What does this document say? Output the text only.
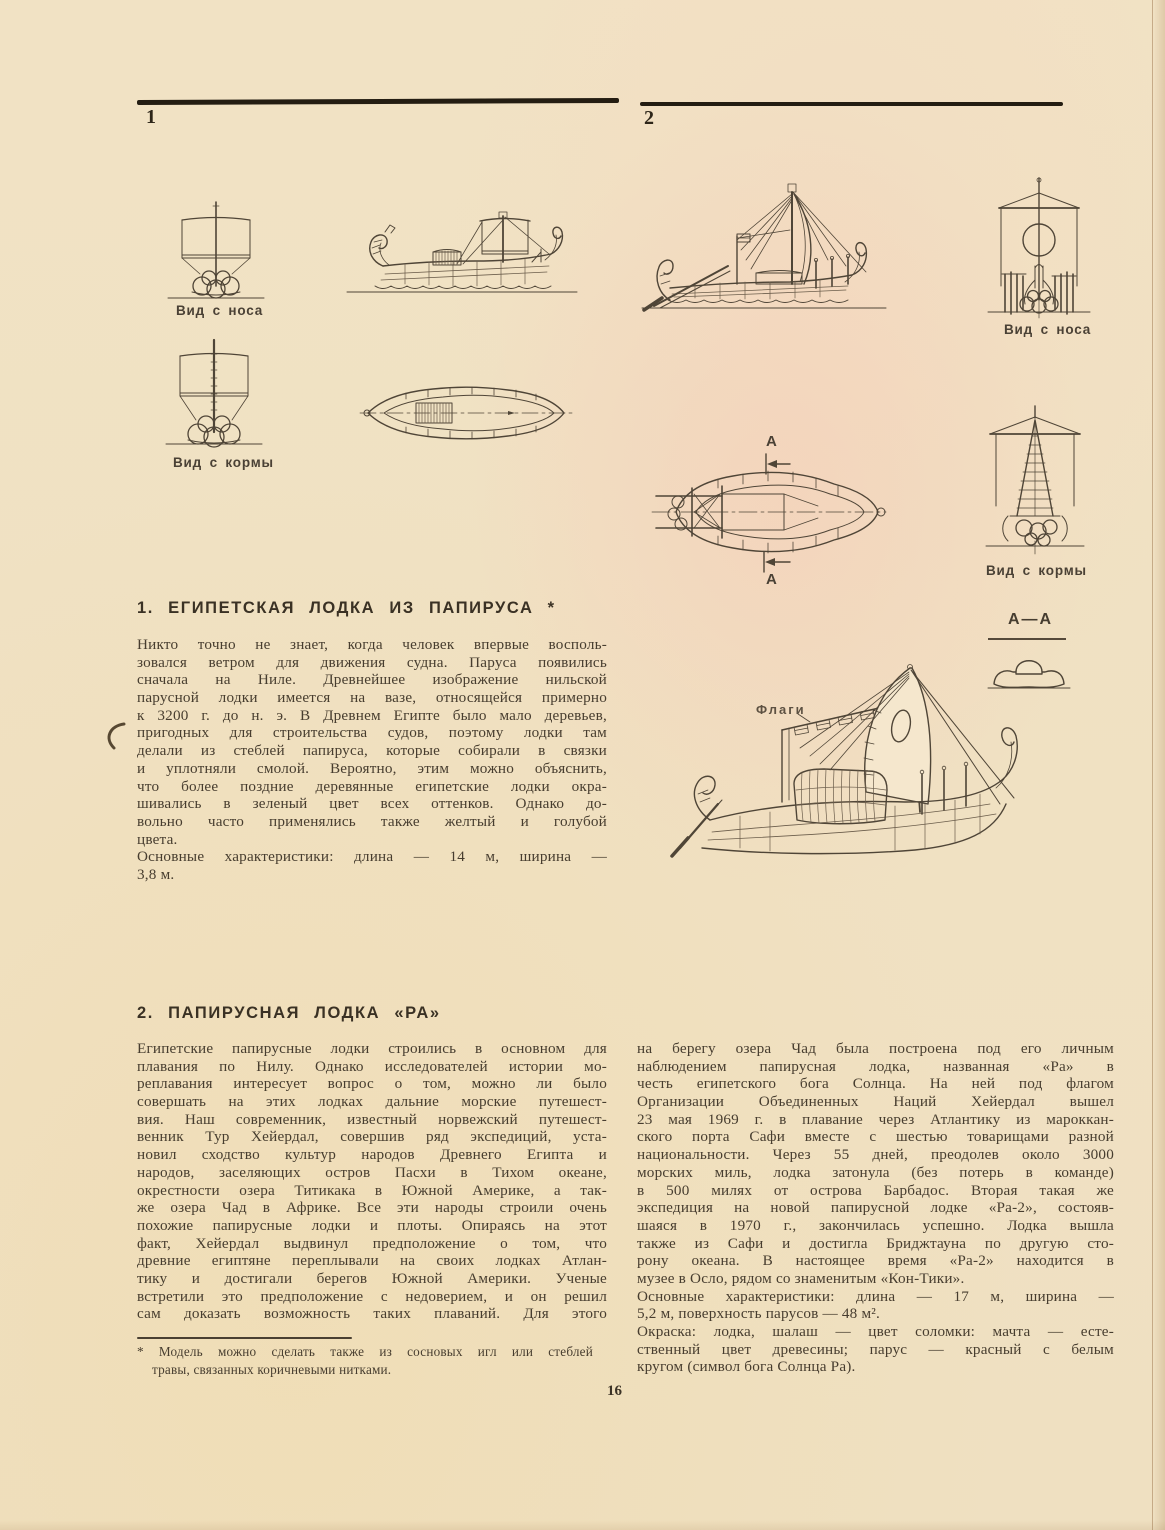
1	2
Вид с носа
Вид с кормы
Вид с носа
А
А
Вид с кормы
А—А
Флаги
1. ЕГИПЕТСКАЯ ЛОДКА ИЗ ПАПИРУСА *
Никто точно не знает, когда человек впервые восполь-
зовался ветром для движения судна. Паруса появились
сначала на Ниле. Древнейшее изображение нильской
парусной лодки имеется на вазе, относящейся примерно
к 3200 г. до н. э. В Древнем Египте было мало деревьев,
пригодных для строительства судов, поэтому лодки там
делали из стеблей папируса, которые собирали в связки
и уплотняли смолой. Вероятно, этим можно объяснить,
что более поздние деревянные египетские лодки окра-
шивались в зеленый цвет всех оттенков. Однако до-
вольно часто применялись также желтый и голубой
цвета.
Основные характеристики: длина — 14 м, ширина —
3,8 м.
2. ПАПИРУСНАЯ ЛОДКА «РА»
Египетские папирусные лодки строились в основном для
плавания по Нилу. Однако исследователей истории мо-
реплавания интересует вопрос о том, можно ли было
совершать на этих лодках дальние морские путешест-
вия. Наш современник, известный норвежский путешест-
венник Тур Хейердал, совершив ряд экспедиций, уста-
новил сходство культур народов Древнего Египта и
народов, заселяющих остров Пасхи в Тихом океане,
окрестности озера Титикака в Южной Америке, а так-
же озера Чад в Африке. Все эти народы строили очень
похожие папирусные лодки и плоты. Опираясь на этот
факт, Хейердал выдвинул предположение о том, что
древние египтяне переплывали на своих лодках Атлан-
тику и достигали берегов Южной Америки. Ученые
встретили это предположение с недоверием, и он решил
сам доказать возможность таких плаваний. Для этого
на берегу озера Чад была построена под его личным
наблюдением папирусная лодка, названная «Ра» в
честь египетского бога Солнца. На ней под флагом
Организации Объединенных Наций Хейердал вышел
23 мая 1969 г. в плавание через Атлантику из мароккан-
ского порта Сафи вместе с шестью товарищами разной
национальности. Через 55 дней, преодолев около 3000
морских миль, лодка затонула (без потерь в команде)
в 500 милях от острова Барбадос. Вторая такая же
экспедиция на новой папирусной лодке «Ра-2», состояв-
шаяся в 1970 г., закончилась успешно. Лодка вышла
также из Сафи и достигла Бриджтауна по другую сто-
рону океана. В настоящее время «Ра-2» находится в
музее в Осло, рядом со знаменитым «Кон-Тики».
Основные характеристики: длина — 17 м, ширина —
5,2 м, поверхность парусов — 48 м².
Окраска: лодка, шалаш — цвет соломки: мачта — есте-
ственный цвет древесины; парус — красный с белым
кругом (символ бога Солнца Ра).
* Модель можно сделать также из сосновых игл или стеблей
травы, связанных коричневыми нитками.
16
